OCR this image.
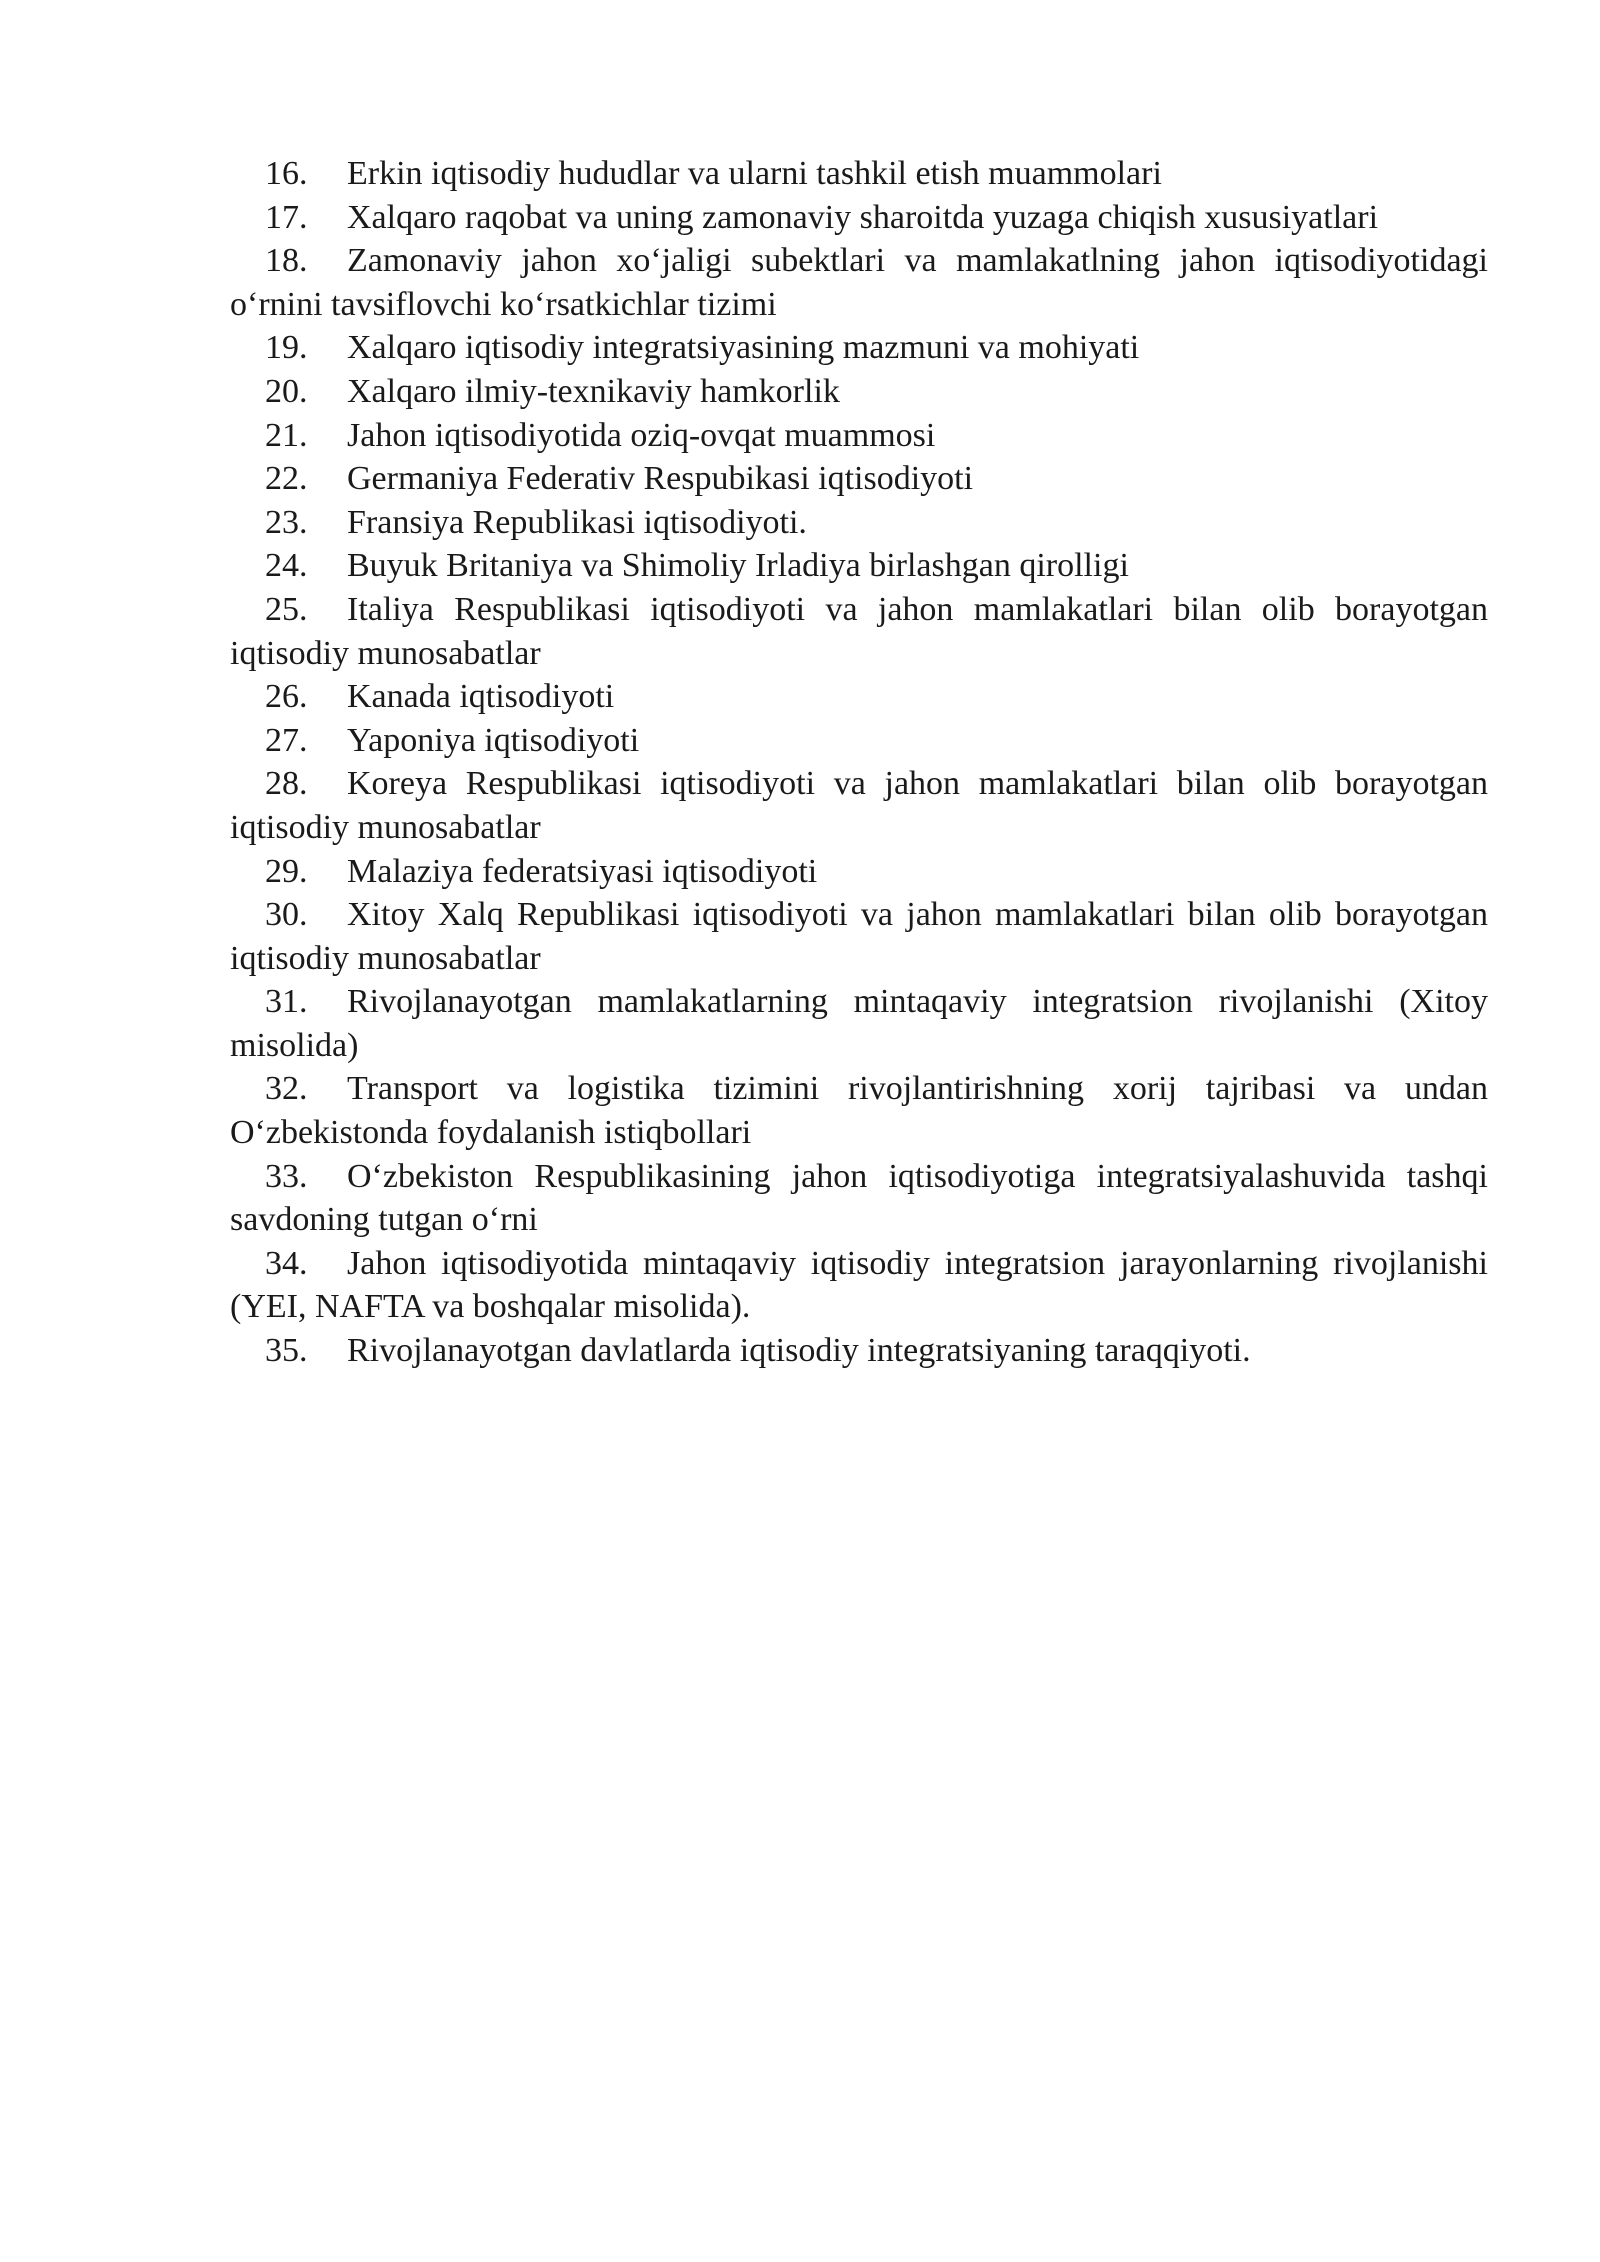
16. Erkin iqtisodiy hududlar va ularni tashkil etish muammolari
17. Xalqaro raqobat va uning zamonaviy sharoitda yuzaga chiqish xususiyatlari
18. Zamonaviy jahon xo‘jaligi subektlari va mamlakatlning jahon iqtisodiyotidagi o‘rnini tavsiflovchi ko‘rsatkichlar tizimi
19. Xalqaro iqtisodiy integratsiyasining mazmuni va mohiyati
20. Xalqaro ilmiy-texnikaviy hamkorlik
21. Jahon iqtisodiyotida oziq-ovqat muammosi
22. Germaniya Federativ Respubikasi iqtisodiyoti
23. Fransiya Republikasi iqtisodiyoti.
24. Buyuk Britaniya va Shimoliy Irladiya birlashgan qirolligi
25. Italiya Respublikasi iqtisodiyoti va jahon mamlakatlari bilan olib borayotgan iqtisodiy munosabatlar
26. Kanada iqtisodiyoti
27. Yaponiya iqtisodiyoti
28. Koreya Respublikasi iqtisodiyoti va jahon mamlakatlari bilan olib borayotgan iqtisodiy munosabatlar
29. Malaziya federatsiyasi iqtisodiyoti
30. Xitoy Xalq Republikasi iqtisodiyoti va jahon mamlakatlari bilan olib borayotgan iqtisodiy munosabatlar
31. Rivojlanayotgan mamlakatlarning mintaqaviy integratsion rivojlanishi (Xitoy misolida)
32. Transport va logistika tizimini rivojlantirishning xorij tajribasi va undan O‘zbekistonda foydalanish istiqbollari
33. O‘zbekiston Respublikasining jahon iqtisodiyotiga integratsiyalashuvida tashqi savdoning tutgan o‘rni
34. Jahon iqtisodiyotida mintaqaviy iqtisodiy integratsion jarayonlarning rivojlanishi (YEI, NAFTA va boshqalar misolida).
35. Rivojlanayotgan davlatlarda iqtisodiy integratsiyaning taraqqiyoti.
